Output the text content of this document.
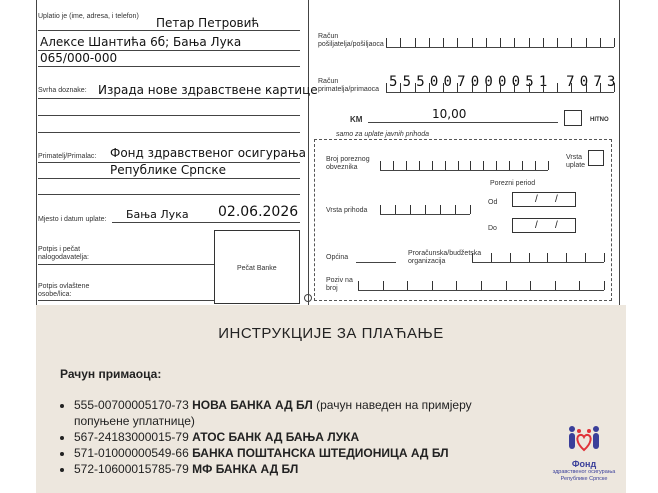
Uplatio je (ime, adresa, i telefon) Петар Петровић
Алексе Шантића 6б; Бања Лука
065/000-000
Svrha doznake: Израда нове здравствене картице
Primatelj/Primalac: Фонд здравственог осигурања
Републике Српске
Mjesto i datum uplate: Бања Лука 02.06.2026
Potpis i pečat nalogodavatelja:
Potpis ovlaštene osobe/lica:
Pečat Banke
Račun pošiljatelja/pošiljaoca
Račun primatelja/primaoca 555007000051 7073
KM	10,00	HITNO
samo za uplate javnih prihoda
Broj poreznog obveznika
Vrsta uplate
Porezni period
Od	/ /
Do	/ /
Vrsta prihoda
Općina
Proračunska/budžetska organizacija
Poziv na broj
ИНСТРУКЦИЈЕ ЗА ПЛАЋАЊЕ
Рачун примаоца:
• 555-00700005170-73 НОВА БАНКА АД БЛ (рачун наведен на примјеру попуњене уплатнице)
• 567-24183000015-79 АТОС БАНК АД БАЊА ЛУКА
• 571-01000000549-66 БАНКА ПОШТАНСКА ШТЕДИОНИЦА АД БЛ
• 572-10600015785-79 МФ БАНКА АД БЛ	Фонд
здравственог осигурања
Републике Српске
